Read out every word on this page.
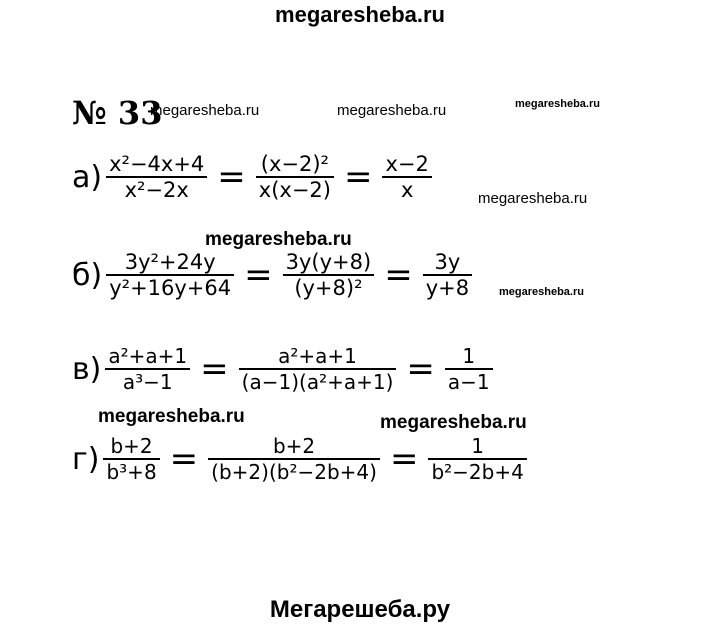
megaresheba.ru
№ 33
megaresheba.ru	megaresheba.ru	megaresheba.ru
megaresheba.ru
megaresheba.ru
megaresheba.ru
megaresheba.ru	megaresheba.ru
Мегарешеба.ру
$а) \frac{\text{x²−4x+4}}{\text{x²−2x}} = \frac{\text{(x−2)²}}{x(x-2)} = \frac{x-2}{x}$
$б) \frac{\text{3y²+24y}}{\text{y²+16y+64}} = \frac{3y(y+8)}{\text{(y+8)²}} = \frac{3y}{y+8}$
$в) \frac{\text{a²+a+1}}{\text{a³−1}} = \frac{\text{a²+a+1}}{\text{(a−1)(a²+a+1)}} = \frac{1}{a-1}$
$г) \frac{b+2}{\text{b³+8}} = \frac{b+2}{\text{(b+2)(b²−2b+4)}} = \frac{1}{\text{b²−2b+4}}$
